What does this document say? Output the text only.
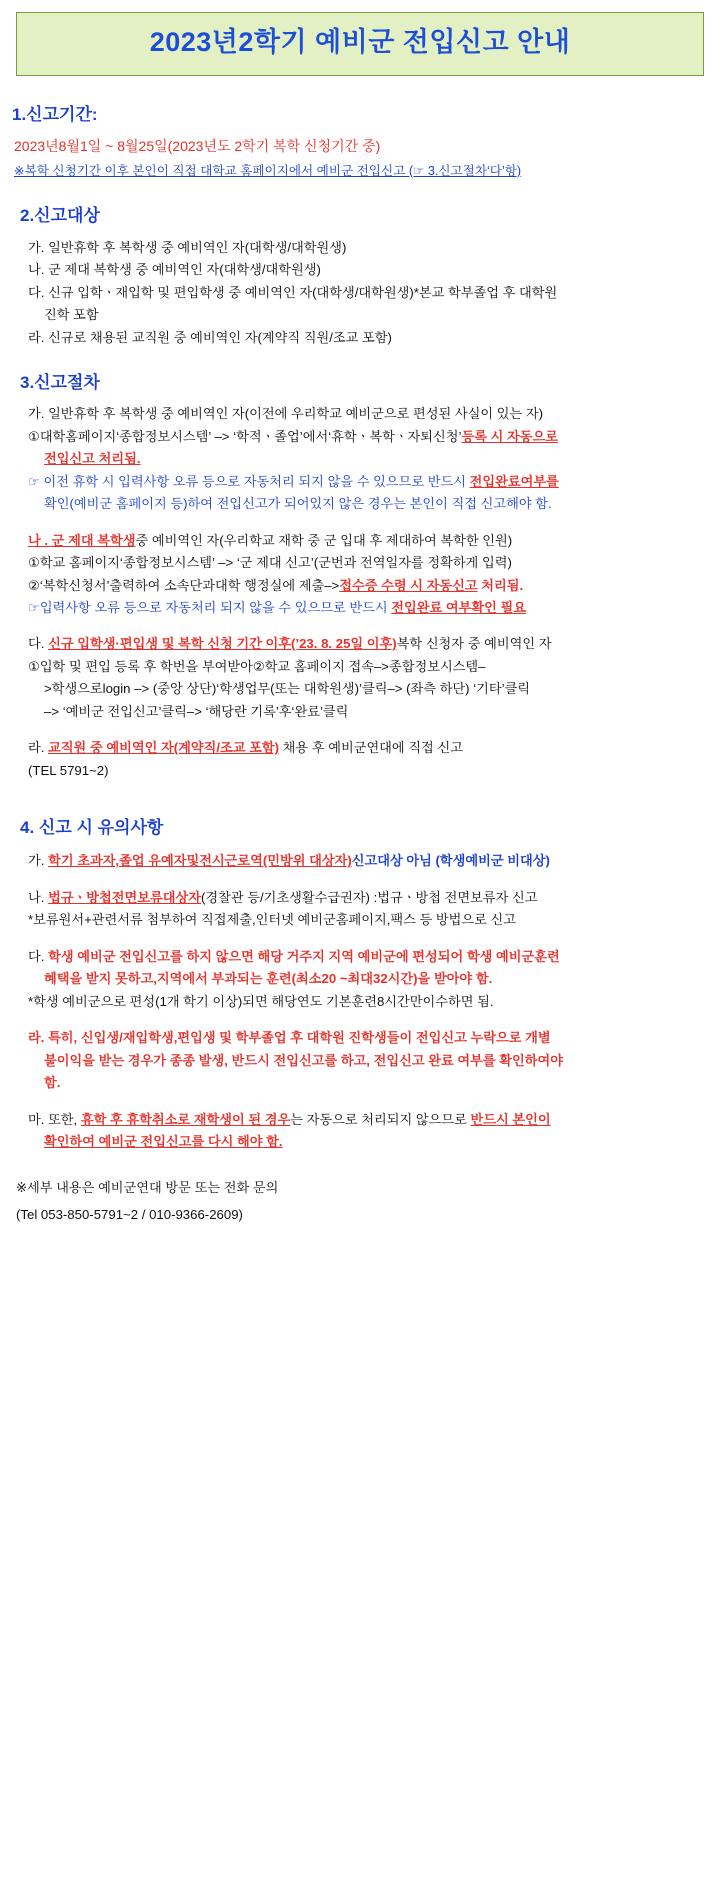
2023년2학기 예비군 전입신고 안내
1.신고기간:
2023년8월1일 ~ 8월25일(2023년도 2학기 복학 신청기간 중)
※복학 신청기간 이후 본인이 직접 대학교 홈페이지에서 예비군 전입신고 (☞ 3.신고절차‘다’항)
2.신고대상
가. 일반휴학 후 복학생 중 예비역인 자(대학생/대학원생)
나. 군 제대 복학생 중 예비역인 자(대학생/대학원생)
다. 신규 입학ㆍ재입학 및 편입학생 중 예비역인 자(대학생/대학원생)*본교 학부졸업 후 대학원
진학 포함
라. 신규로 채용된 교직원 중 예비역인 자(계약직 직원/조교 포함)
3.신고절차
가. 일반휴학 후 복학생 중 예비역인 자(이전에 우리학교 예비군으로 편성된 사실이 있는 자)
①대학홈페이지‘종합정보시스템’ –> ‘학적ㆍ졸업’에서‘휴학ㆍ복학ㆍ자퇴신청’등록 시 자동으로
전입신고 처리됨.
☞ 이전 휴학 시 입력사항 오류 등으로 자동처리 되지 않을 수 있으므로 반드시 전입완료여부를
확인(예비군 홈페이지 등)하여 전입신고가 되어있지 않은 경우는 본인이 직접 신고해야 함.
나 . 군 제대 복학생중 예비역인 자(우리학교 재학 중 군 입대 후 제대하여 복학한 인원)
①학교 홈페이지‘종합정보시스템’ –> ‘군 제대 신고’(군번과 전역일자를 정확하게 입력)
②‘복학신청서’출력하여 소속단과대학 행정실에 제출–>접수증 수령 시 자동신고 처리됨.
☞입력사항 오류 등으로 자동처리 되지 않을 수 있으므로 반드시 전입완료 여부확인 필요
다. 신규 입학생·편입생 및 복학 신청 기간 이후(’23. 8. 25일 이후)복학 신청자 중 예비역인 자
①입학 및 편입 등록 후 학번을 부여받아②학교 홈페이지 접속–>종합정보시스템–
>학생으로login –> (중앙 상단)‘학생업무(또는 대학원생)’클릭–> (좌측 하단) ‘기타’클릭
–> ‘예비군 전입신고’클릭–> ‘해당란 기록’후‘완료’클릭
라. 교직원 중 예비역인 자(계약직/조교 포함) 채용 후 예비군연대에 직접 신고
(TEL 5791~2)
4. 신고 시 유의사항
가. 학기 초과자,졸업 유예자및전시근로역(민방위 대상자)신고대상 아님 (학생예비군 비대상)
나. 법규ㆍ방첩전면보류대상자(경찰관 등/기초생활수급권자) :법규ㆍ방첩 전면보류자 신고
*보류원서+관련서류 첨부하여 직접제출,인터넷 예비군홈페이지,팩스 등 방법으로 신고
다. 학생 예비군 전입신고를 하지 않으면 해당 거주지 지역 예비군에 편성되어 학생 예비군훈련
혜택을 받지 못하고,지역에서 부과되는 훈련(최소20 ~최대32시간)을 받아야 함.
*학생 예비군으로 편성(1개 학기 이상)되면 해당연도 기본훈련8시간만이수하면 됨.
라. 특히, 신입생/재입학생,편입생 및 학부졸업 후 대학원 진학생들이 전입신고 누락으로 개별
불이익을 받는 경우가 종종 발생, 반드시 전입신고를 하고, 전입신고 완료 여부를 확인하여야
함.
마. 또한, 휴학 후 휴학취소로 재학생이 된 경우는 자동으로 처리되지 않으므로 반드시 본인이
확인하여 예비군 전입신고를 다시 해야 함.
※세부 내용은 예비군연대 방문 또는 전화 문의
(Tel 053-850-5791~2 / 010-9366-2609)
